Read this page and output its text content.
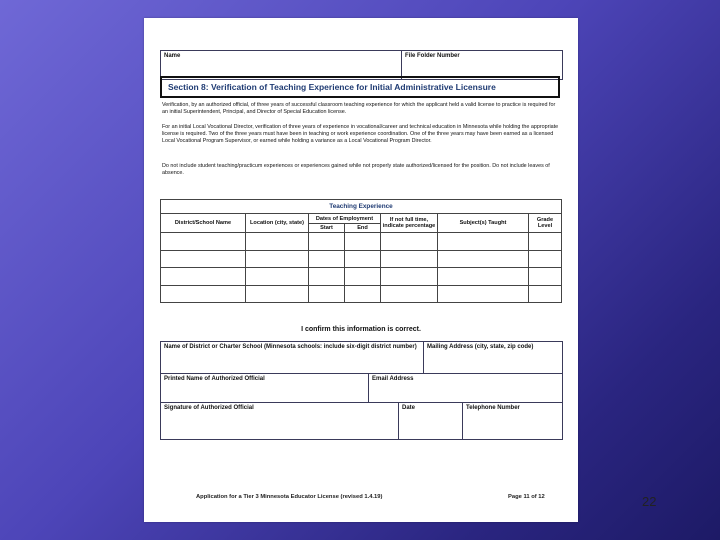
Name	File Folder Number
Section 8: Verification of Teaching Experience for Initial Administrative Licensure

Verification, by an authorized official, of three years of successful classroom teaching experience for which the applicant held a valid license to practice is required for an initial Superintendent, Principal, and Director of Special Education license.

For an initial Local Vocational Director, verification of three years of experience in vocational/career and technical education in Minnesota while holding the appropriate license is required. Two of the three years must have been in teaching or work experience coordination. One of the three years may have been earned as a licensed Local Vocational Program Supervisor, or earned while holding a variance as a Local Vocational Program Director.

Do not include student teaching/practicum experiences or experiences gained while not properly state authorized/licensed for the position. Do not include leaves of absence.

Teaching Experience						
District/School Name	Location (city, state)	Dates of Employment		If not full time, indicate percentage	Subject(s) Taught	Grade Level
		Start	End			

I confirm this information is correct.
Name of District or Charter School (Minnesota schools: include six-digit district number)	Mailing Address (city, state, zip code)
Printed Name of Authorized Official	Email Address
Signature of Authorized Official	Date	Telephone Number
Application for a Tier 3 Minnesota Educator License (revised 1.4.19)	Page 11 of 12	22
